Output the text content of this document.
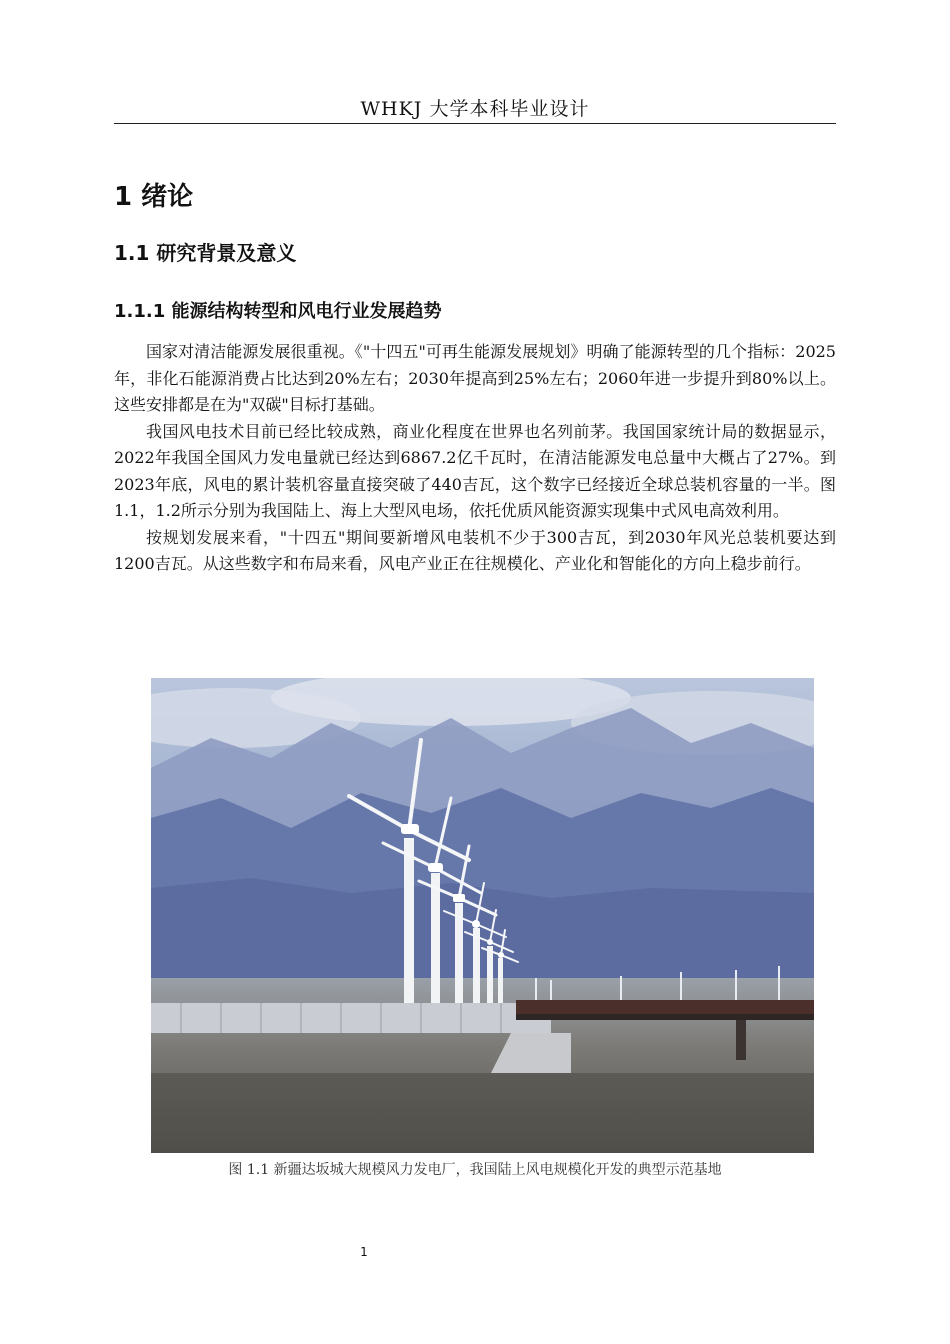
WHKJ 大学本科毕业设计
1 绪论
1.1 研究背景及意义
1.1.1 能源结构转型和风电行业发展趋势

国家对清洁能源发展很重视。《"十四五"可再生能源发展规划》明确了能源转型的几个指标：2025年，非化石能源消费占比达到20%左右；2030年提高到25%左右；2060年进一步提升到80%以上。这些安排都是在为"双碳"目标打基础。

我国风电技术目前已经比较成熟，商业化程度在世界也名列前茅。我国国家统计局的数据显示，2022年我国全国风力发电量就已经达到6867.2亿千瓦时，在清洁能源发电总量中大概占了27%。到2023年底，风电的累计装机容量直接突破了440吉瓦，这个数字已经接近全球总装机容量的一半。图1.1，1.2所示分别为我国陆上、海上大型风电场，依托优质风能资源实现集中式风电高效利用。

按规划发展来看，"十四五"期间要新增风电装机不少于300吉瓦，到2030年风光总装机要达到1200吉瓦。从这些数字和布局来看，风电产业正在往规模化、产业化和智能化的方向上稳步前行。

图 1.1 新疆达坂城大规模风力发电厂，我国陆上风电规模化开发的典型示范基地
1
